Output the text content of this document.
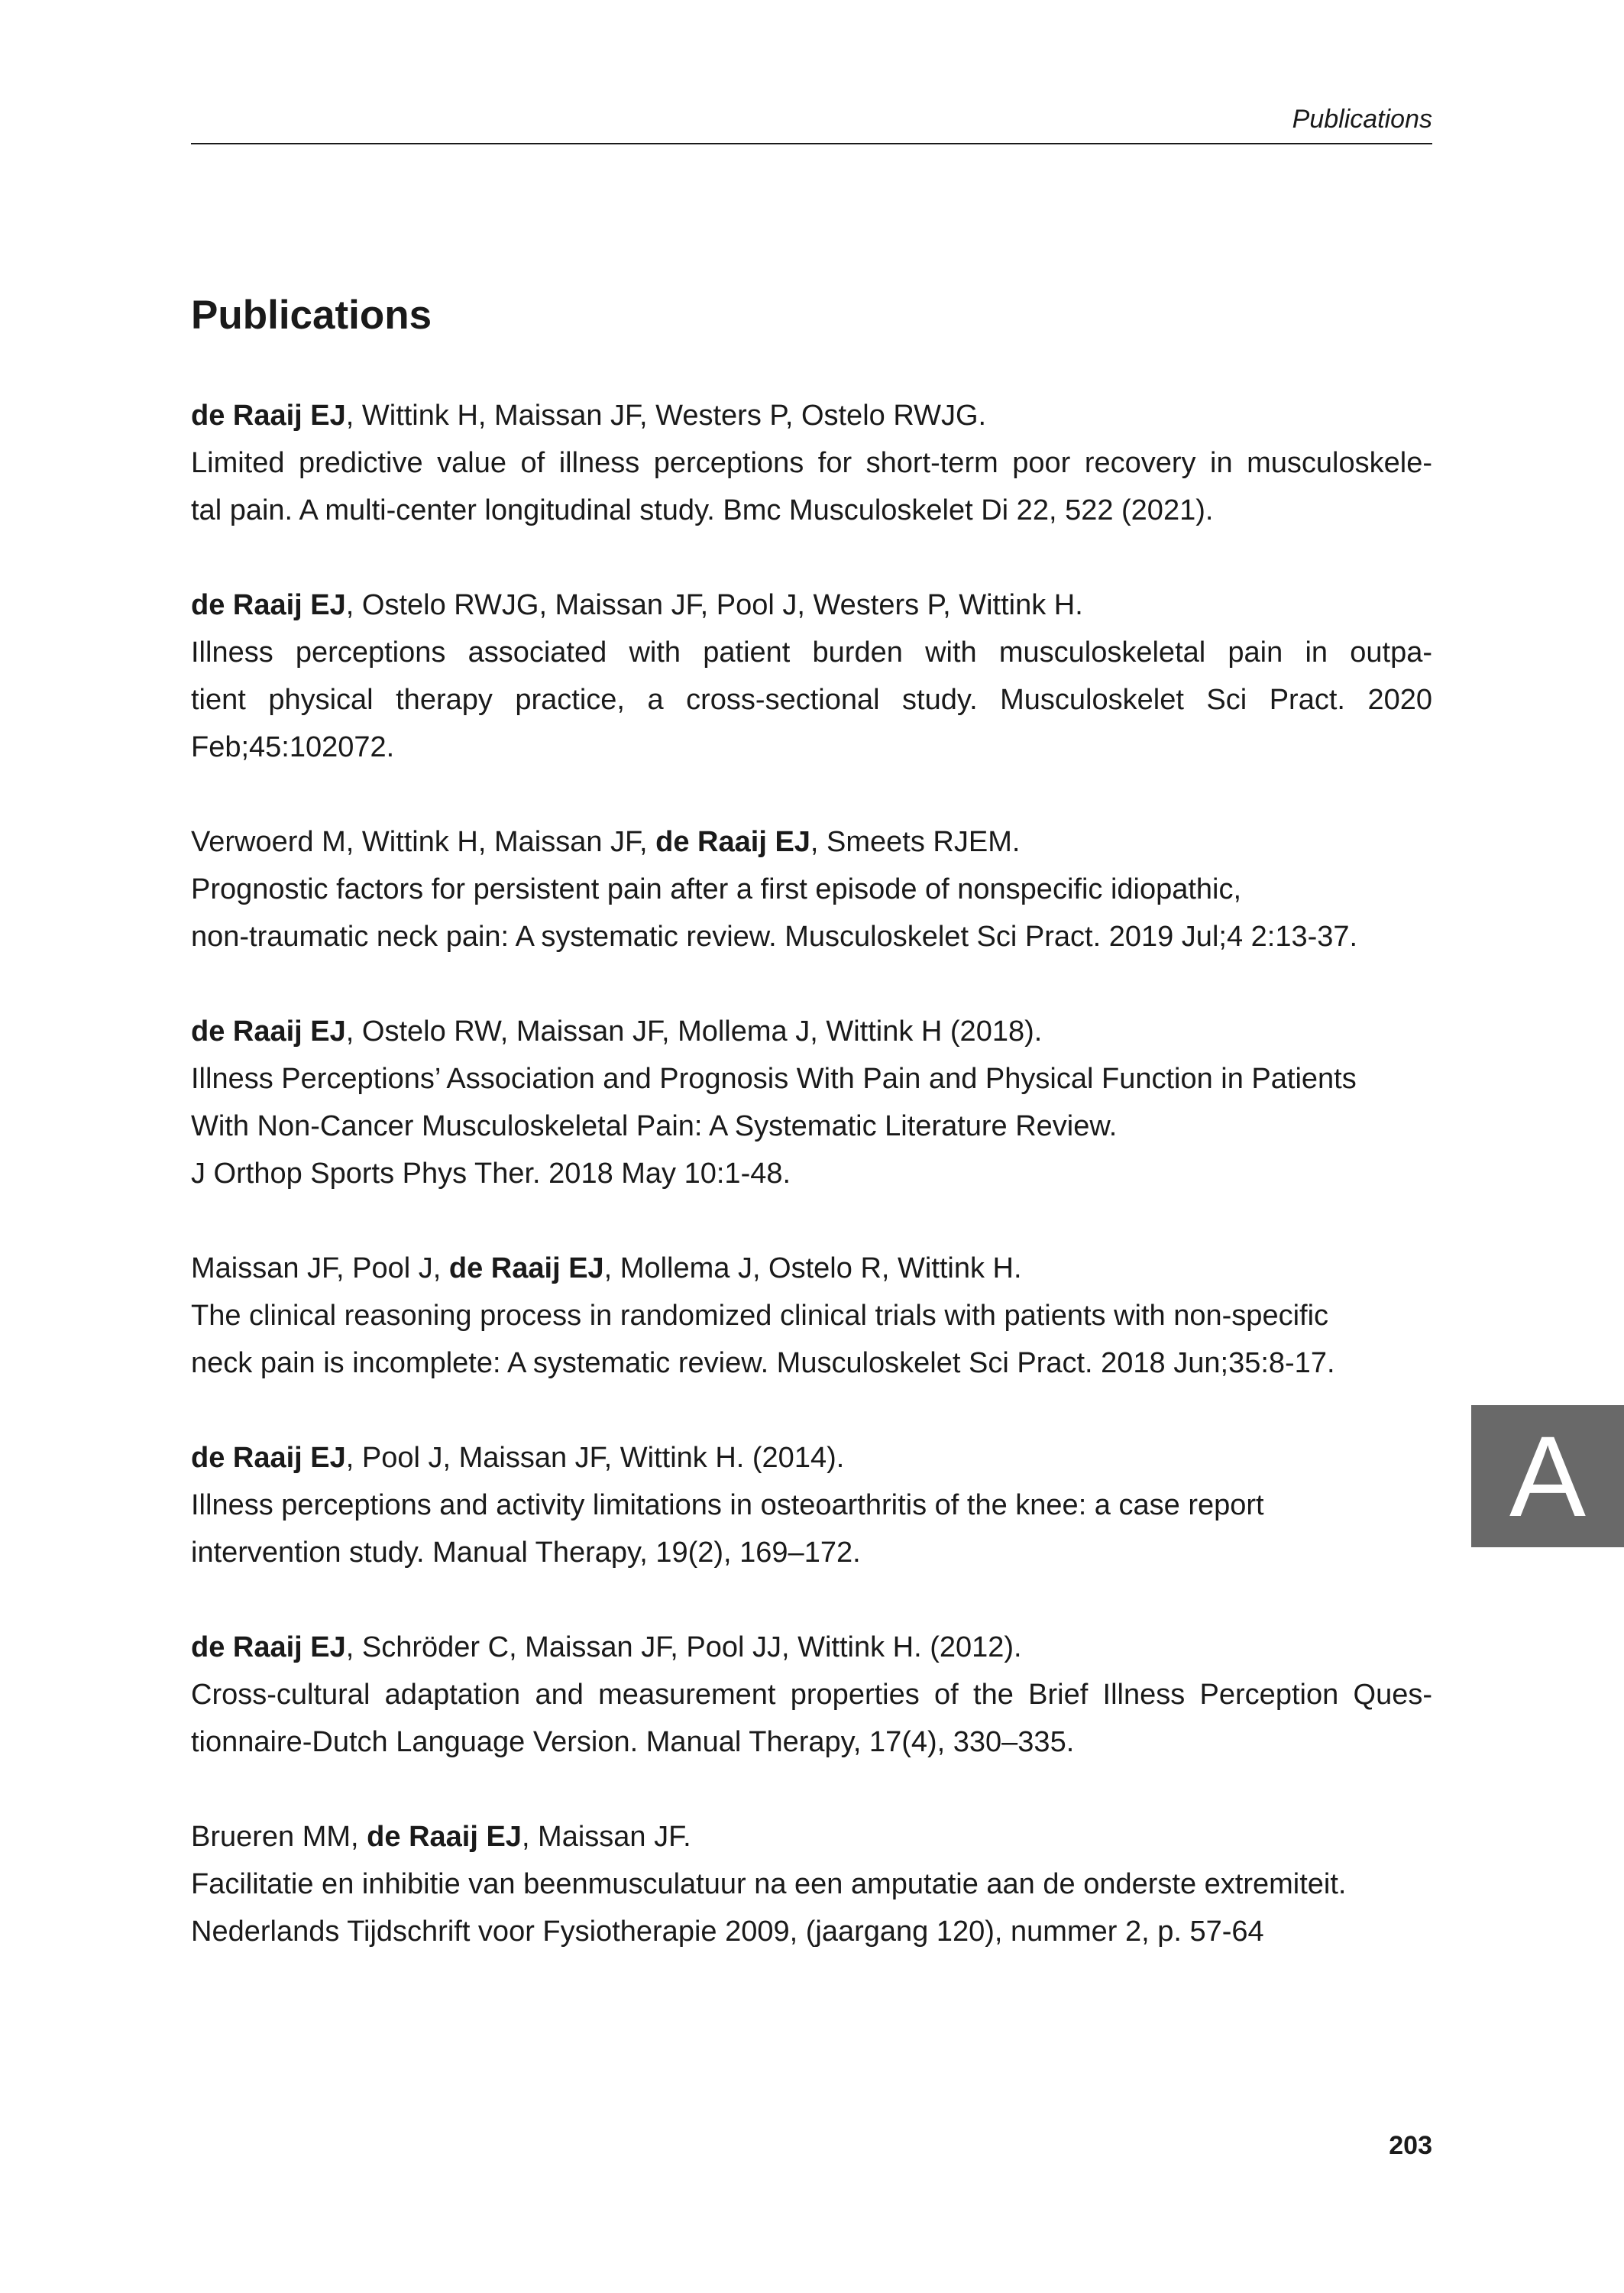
Publications
Publications

de Raaij EJ, Wittink H, Maissan JF, Westers P, Ostelo RWJG.

Limited predictive value of illness perceptions for short-term poor recovery in musculoskele-

tal pain. A multi-center longitudinal study. Bmc Musculoskelet Di 22, 522 (2021).

de Raaij EJ, Ostelo RWJG, Maissan JF, Pool J, Westers P, Wittink H.

Illness perceptions associated with patient burden with musculoskeletal pain in outpa-

tient physical therapy practice, a cross-sectional study. Musculoskelet Sci Pract. 2020

Feb;45:102072.

Verwoerd M, Wittink H, Maissan JF, de Raaij EJ, Smeets RJEM.

Prognostic factors for persistent pain after a first episode of nonspecific idiopathic,

non-traumatic neck pain: A systematic review. Musculoskelet Sci Pract. 2019 Jul;4 2:13-37.

de Raaij EJ, Ostelo RW, Maissan JF, Mollema J, Wittink H (2018).

Illness Perceptions’ Association and Prognosis With Pain and Physical Function in Patients

With Non-Cancer Musculoskeletal Pain: A Systematic Literature Review.

J Orthop Sports Phys Ther. 2018 May 10:1-48.

Maissan JF, Pool J, de Raaij EJ, Mollema J, Ostelo R, Wittink H.

The clinical reasoning process in randomized clinical trials with patients with non-specific

neck pain is incomplete: A systematic review. Musculoskelet Sci Pract. 2018 Jun;35:8-17.

de Raaij EJ, Pool J, Maissan JF, Wittink H. (2014).

Illness perceptions and activity limitations in osteoarthritis of the knee: a case report

intervention study. Manual Therapy, 19(2), 169–172.

de Raaij EJ, Schröder C, Maissan JF, Pool JJ, Wittink H. (2012).

Cross-cultural adaptation and measurement properties of the Brief Illness Perception Ques-

tionnaire-Dutch Language Version. Manual Therapy, 17(4), 330–335.

Brueren MM, de Raaij EJ, Maissan JF.

Facilitatie en inhibitie van beenmusculatuur na een amputatie aan de onderste extremiteit.

Nederlands Tijdschrift voor Fysiotherapie 2009, (jaargang 120), nummer 2, p. 57-64

A
203
